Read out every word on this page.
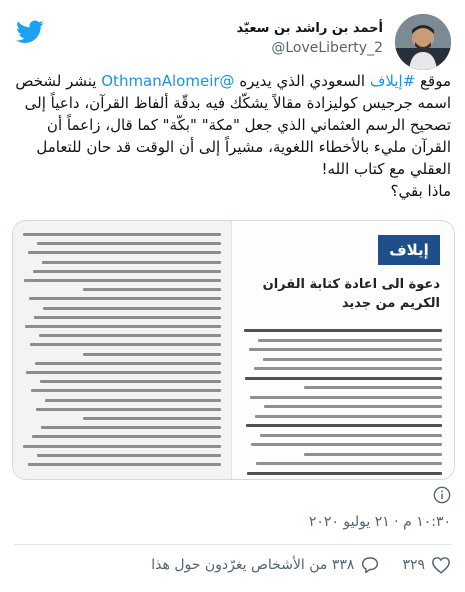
أحمد بن راشد بن سعيّد
@LoveLiberty_2

موقع #إيلاف السعودي الذي يديره @OthmanAlomeir ينشر لشخص اسمه جرجيس كوليزادة مقالاً يشكّك فيه بدقّة ألفاظ القرآن، داعياً إلى تصحيح الرسم العثماني الذي جعل "مكة" "بكّة" كما قال، زاعماً أن القرآن مليء بالأخطاء اللغوية، مشيراً إلى أن الوقت قد حان للتعامل العقلي مع كتاب الله!

ماذا بقي؟

إيلاف
دعوة الى اعادة كتابة القران الكريم من جديد
١٠:٣٠ م · ٢١ يوليو ٢٠٢٠
٣٢٩
٣٣٨ من الأشخاص يغرّدون حول هذا
